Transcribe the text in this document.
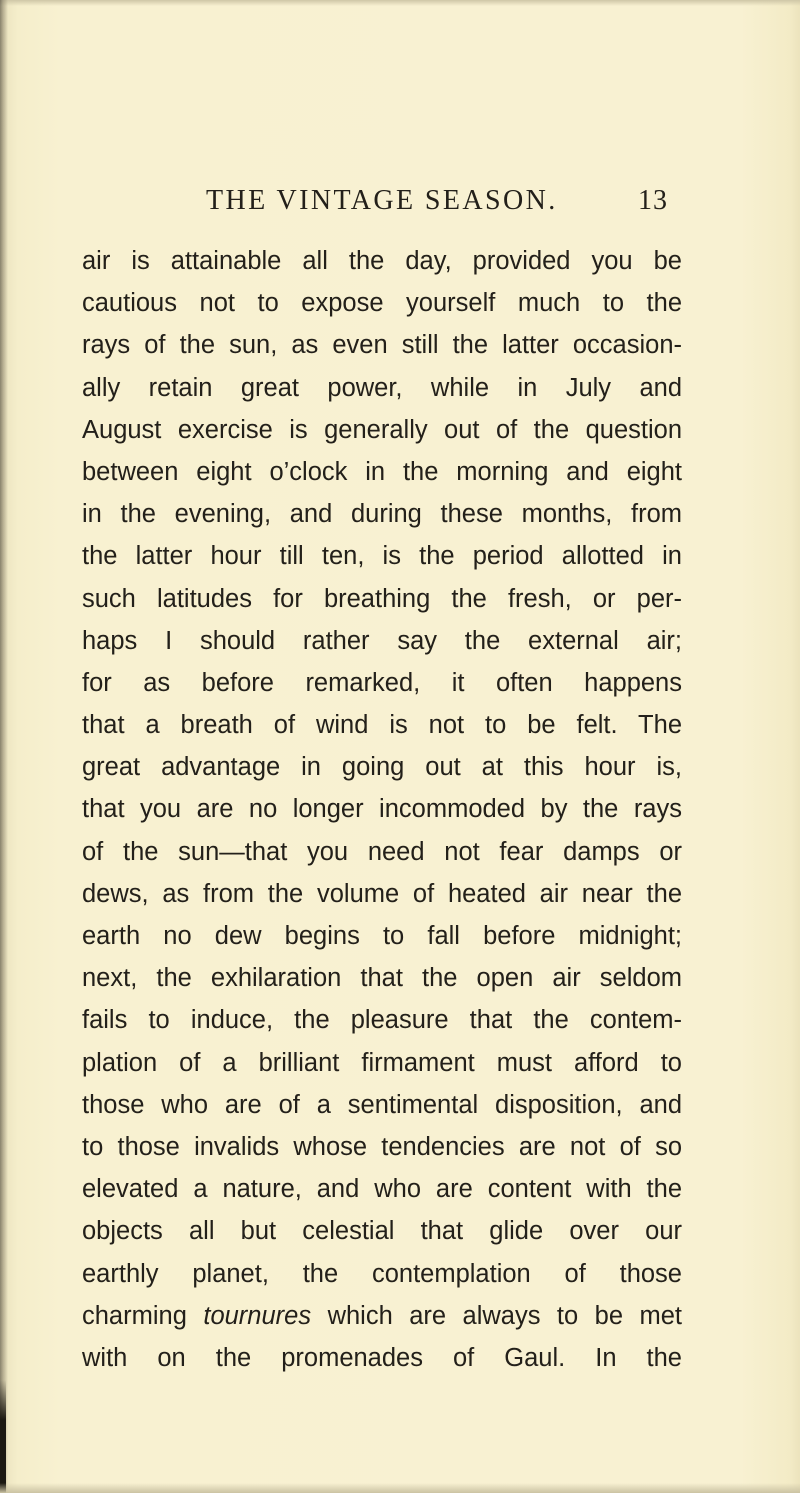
THE VINTAGE SEASON.	13
air is attainable all the day, provided you be
cautious not to expose yourself much to the
rays of the sun, as even still the latter occasion-
ally retain great power, while in July and
August exercise is generally out of the question
between eight o’clock in the morning and eight
in the evening, and during these months, from
the latter hour till ten, is the period allotted in
such latitudes for breathing the fresh, or per-
haps I should rather say the external air;
for as before remarked, it often happens
that a breath of wind is not to be felt. The
great advantage in going out at this hour is,
that you are no longer incommoded by the rays
of the sun—that you need not fear damps or
dews, as from the volume of heated air near the
earth no dew begins to fall before midnight;
next, the exhilaration that the open air seldom
fails to induce, the pleasure that the contem-
plation of a brilliant firmament must afford to
those who are of a sentimental disposition, and
to those invalids whose tendencies are not of so
elevated a nature, and who are content with the
objects all but celestial that glide over our
earthly planet, the contemplation of those
charming tournures which are always to be met
with on the promenades of Gaul. In the
